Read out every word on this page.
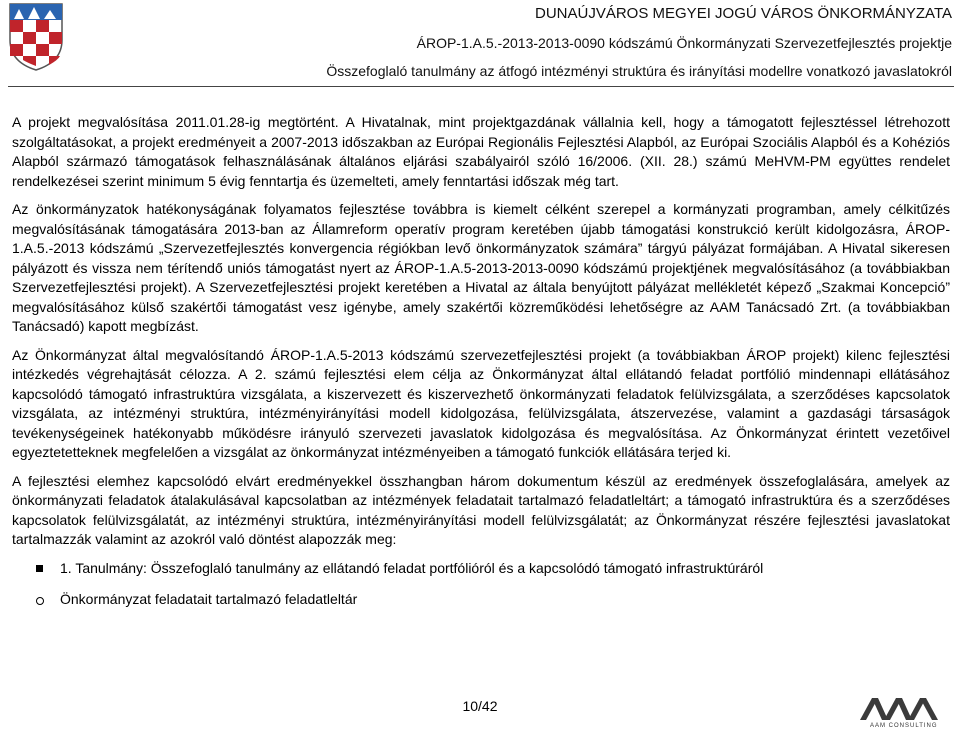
DUNAÚJVÁROS MEGYEI JOGÚ VÁROS ÖNKORMÁNYZATA
ÁROP-1.A.5.-2013-2013-0090 kódszámú Önkormányzati Szervezetfejlesztés projektje
Összefoglaló tanulmány az átfogó intézményi struktúra és irányítási modellre vonatkozó javaslatokról

A projekt megvalósítása 2011.01.28-ig megtörtént. A Hivatalnak, mint projektgazdának vállalnia kell, hogy a támogatott fejlesztéssel létrehozott szolgáltatásokat, a projekt eredményeit a 2007-2013 időszakban az Európai Regionális Fejlesztési Alapból, az Európai Szociális Alapból és a Kohéziós Alapból származó támogatások felhasználásának általános eljárási szabályairól szóló 16/2006. (XII. 28.) számú MeHVM-PM együttes rendelet rendelkezései szerint minimum 5 évig fenntartja és üzemelteti, amely fenntartási időszak még tart.

Az önkormányzatok hatékonyságának folyamatos fejlesztése továbbra is kiemelt célként szerepel a kormányzati programban, amely célkitűzés megvalósításának támogatására 2013-ban az Államreform operatív program keretében újabb támogatási konstrukció került kidolgozásra, ÁROP-1.A.5.-2013 kódszámú „Szervezetfejlesztés konvergencia régiókban levő önkormányzatok számára” tárgyú pályázat formájában. A Hivatal sikeresen pályázott és vissza nem térítendő uniós támogatást nyert az ÁROP-1.A.5-2013-2013-0090 kódszámú projektjének megvalósításához (a továbbiakban Szervezetfejlesztési projekt). A Szervezetfejlesztési projekt keretében a Hivatal az általa benyújtott pályázat mellékletét képező „Szakmai Koncepció” megvalósításához külső szakértői támogatást vesz igénybe, amely szakértői közreműködési lehetőségre az AAM Tanácsadó Zrt. (a továbbiakban Tanácsadó) kapott megbízást.

Az Önkormányzat által megvalósítandó ÁROP-1.A.5-2013 kódszámú szervezetfejlesztési projekt (a továbbiakban ÁROP projekt) kilenc fejlesztési intézkedés végrehajtását célozza. A 2. számú fejlesztési elem célja az Önkormányzat által ellátandó feladat portfólió mindennapi ellátásához kapcsolódó támogató infrastruktúra vizsgálata, a kiszervezett és kiszervezhető önkormányzati feladatok felülvizsgálata, a szerződéses kapcsolatok vizsgálata, az intézményi struktúra, intézményirányítási modell kidolgozása, felülvizsgálata, átszervezése, valamint a gazdasági társaságok tevékenységeinek hatékonyabb működésre irányuló szervezeti javaslatok kidolgozása és megvalósítása. Az Önkormányzat érintett vezetőivel egyeztetetteknek megfelelően a vizsgálat az önkormányzat intézményeiben a támogató funkciók ellátására terjed ki.

A fejlesztési elemhez kapcsolódó elvárt eredményekkel összhangban három dokumentum készül az eredmények összefoglalására, amelyek az önkormányzati feladatok átalakulásával kapcsolatban az intézmények feladatait tartalmazó feladatleltárt; a támogató infrastruktúra és a szerződéses kapcsolatok felülvizsgálatát, az intézményi struktúra, intézményirányítási modell felülvizsgálatát; az Önkormányzat részére fejlesztési javaslatokat tartalmazzák valamint az azokról való döntést alapozzák meg:

1. Tanulmány: Összefoglaló tanulmány az ellátandó feladat portfólióról és a kapcsolódó támogató infrastruktúráról
Önkormányzat feladatait tartalmazó feladatleltár
10/42
AAM CONSULTING
